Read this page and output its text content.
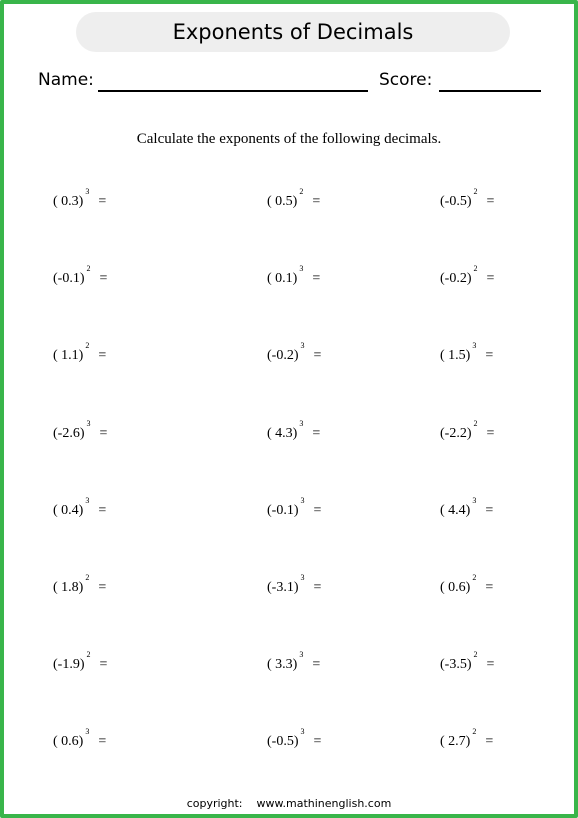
Exponents of Decimals
Name:	Score:
Calculate the exponents of the following decimals.
( 0.3)$^3$=	( 0.5)$^2$=	$(-0.5)^2=$
$(-0.1)^2=$	( 0.1)$^3$=	$(-0.2)^2=$
( 1.1)$^2$=	$(-0.2)^3=$	( 1.5)$^3$=
$(-2.6)^3=$	( 4.3)$^3$=	$(-2.2)^2=$
( 0.4)$^3$=	$(-0.1)^3=$	( 4.4)$^3$=
( 1.8)$^2$=	$(-3.1)^3=$	( 0.6)$^2$=
$(-1.9)^2=$	( 3.3)$^3$=	$(-3.5)^2=$
( 0.6)$^3$=	$(-0.5)^3=$	( 2.7)$^2$=
copyright: www.mathinenglish.com
